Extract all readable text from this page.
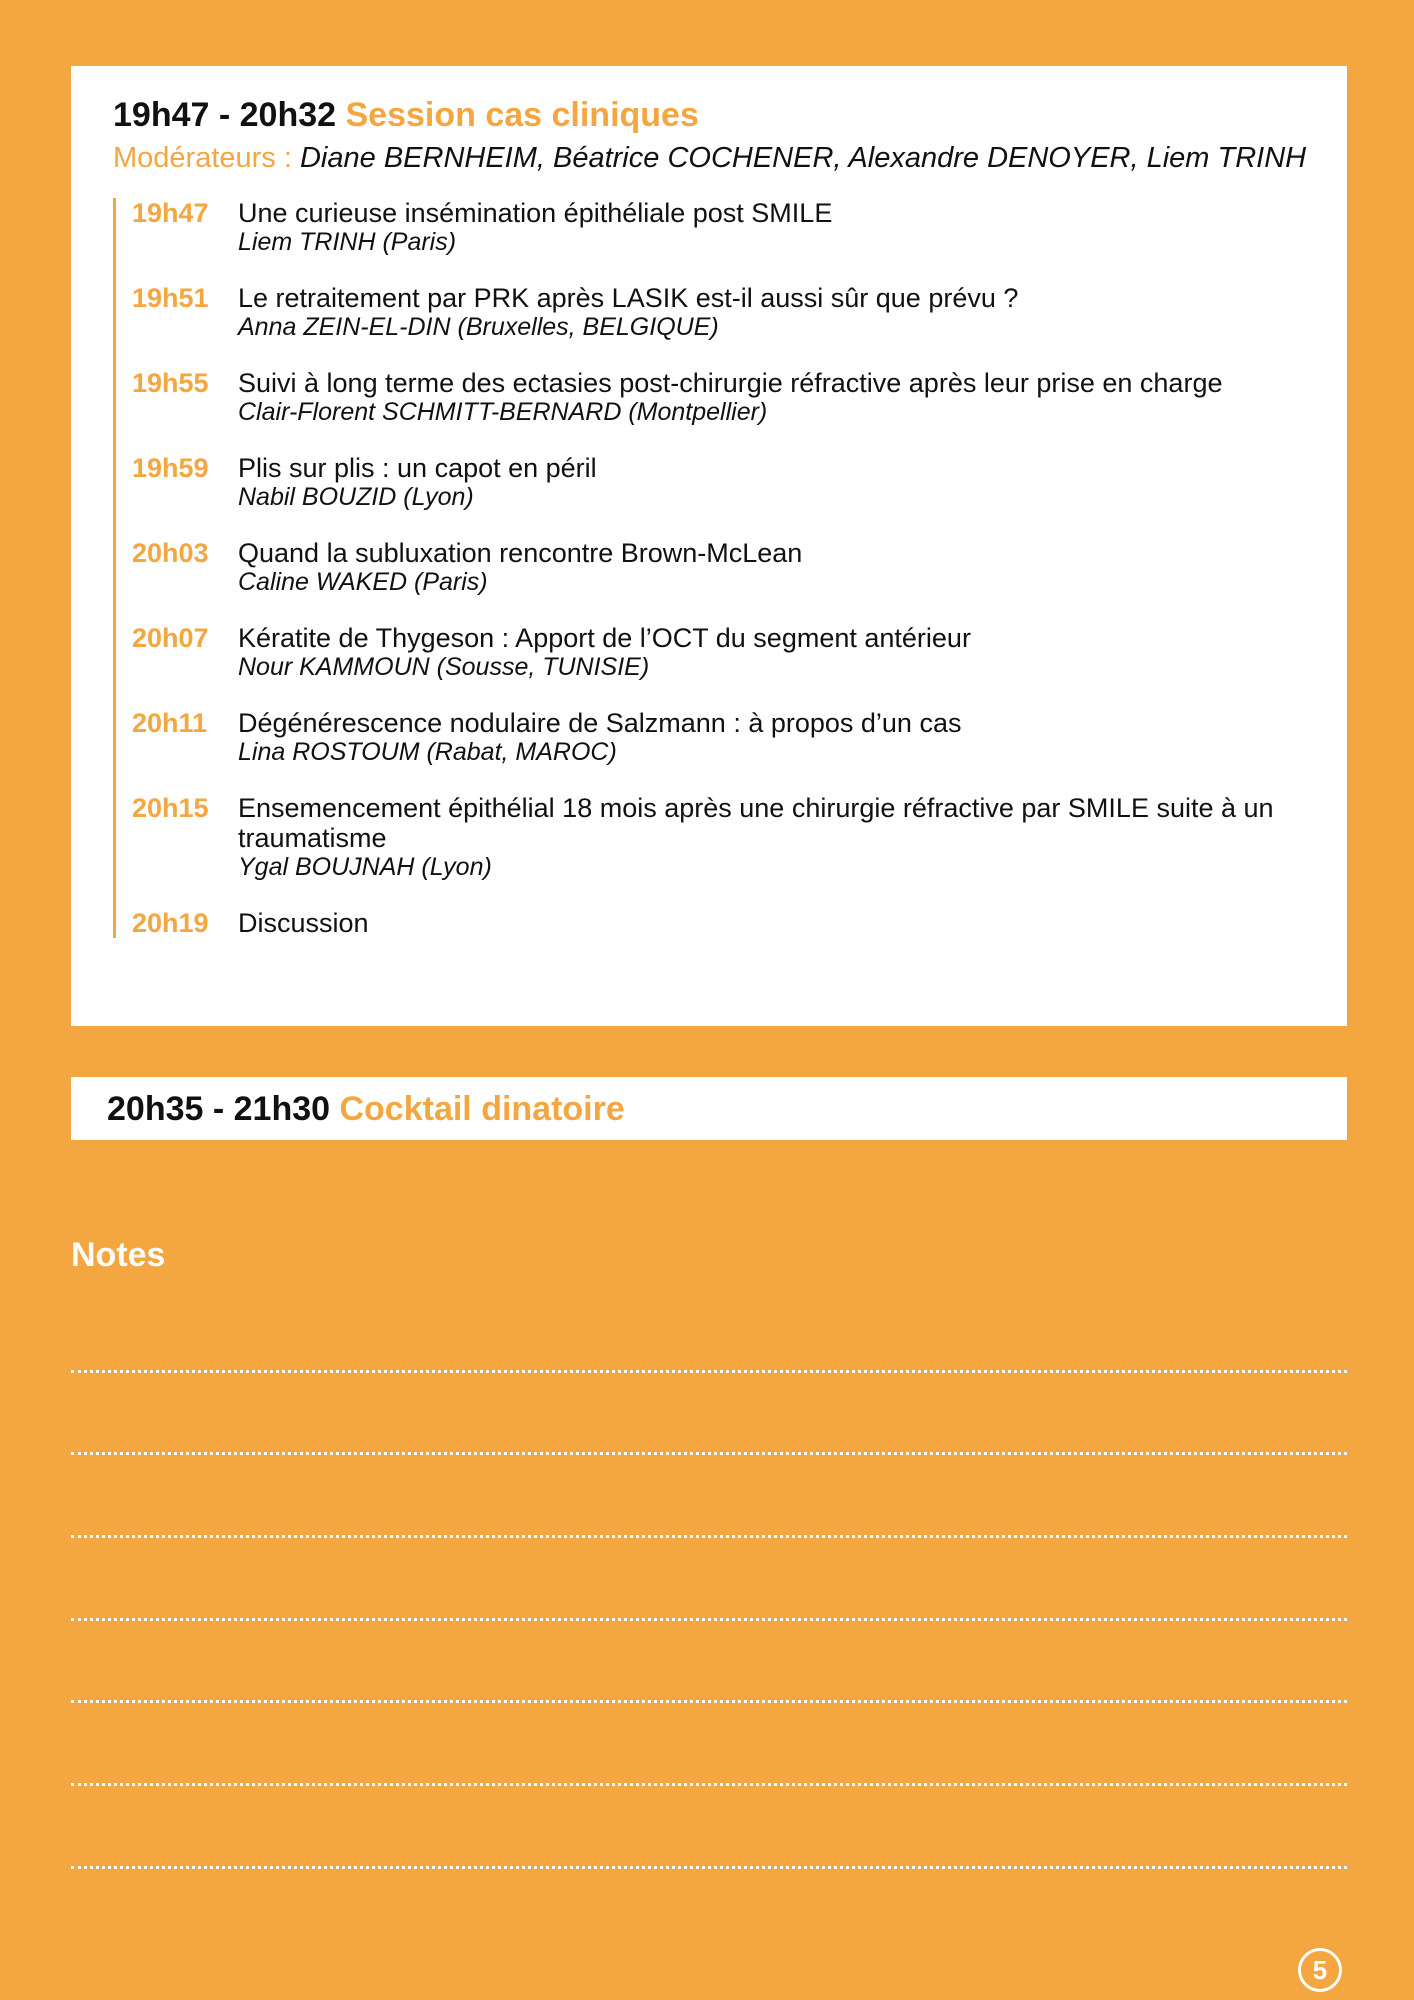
19h47 - 20h32 Session cas cliniques
Modérateurs : Diane BERNHEIM, Béatrice COCHENER, Alexandre DENOYER, Liem TRINH
19h47	Une curieuse insémination épithéliale post SMILE
Liem TRINH (Paris)
19h51	Le retraitement par PRK après LASIK est-il aussi sûr que prévu ?
Anna ZEIN-EL-DIN (Bruxelles, BELGIQUE)
19h55	Suivi à long terme des ectasies post-chirurgie réfractive après leur prise en charge
Clair-Florent SCHMITT-BERNARD (Montpellier)
19h59	Plis sur plis : un capot en péril
Nabil BOUZID (Lyon)
20h03	Quand la subluxation rencontre Brown-McLean
Caline WAKED (Paris)
20h07	Kératite de Thygeson : Apport de l’OCT du segment antérieur
Nour KAMMOUN (Sousse, TUNISIE)
20h11	Dégénérescence nodulaire de Salzmann : à propos d’un cas
Lina ROSTOUM (Rabat, MAROC)
20h15	Ensemencement épithélial 18 mois après une chirurgie réfractive par SMILE suite à un traumatisme
Ygal BOUJNAH (Lyon)
20h19	Discussion
20h35 - 21h30 Cocktail dinatoire
Notes
5
